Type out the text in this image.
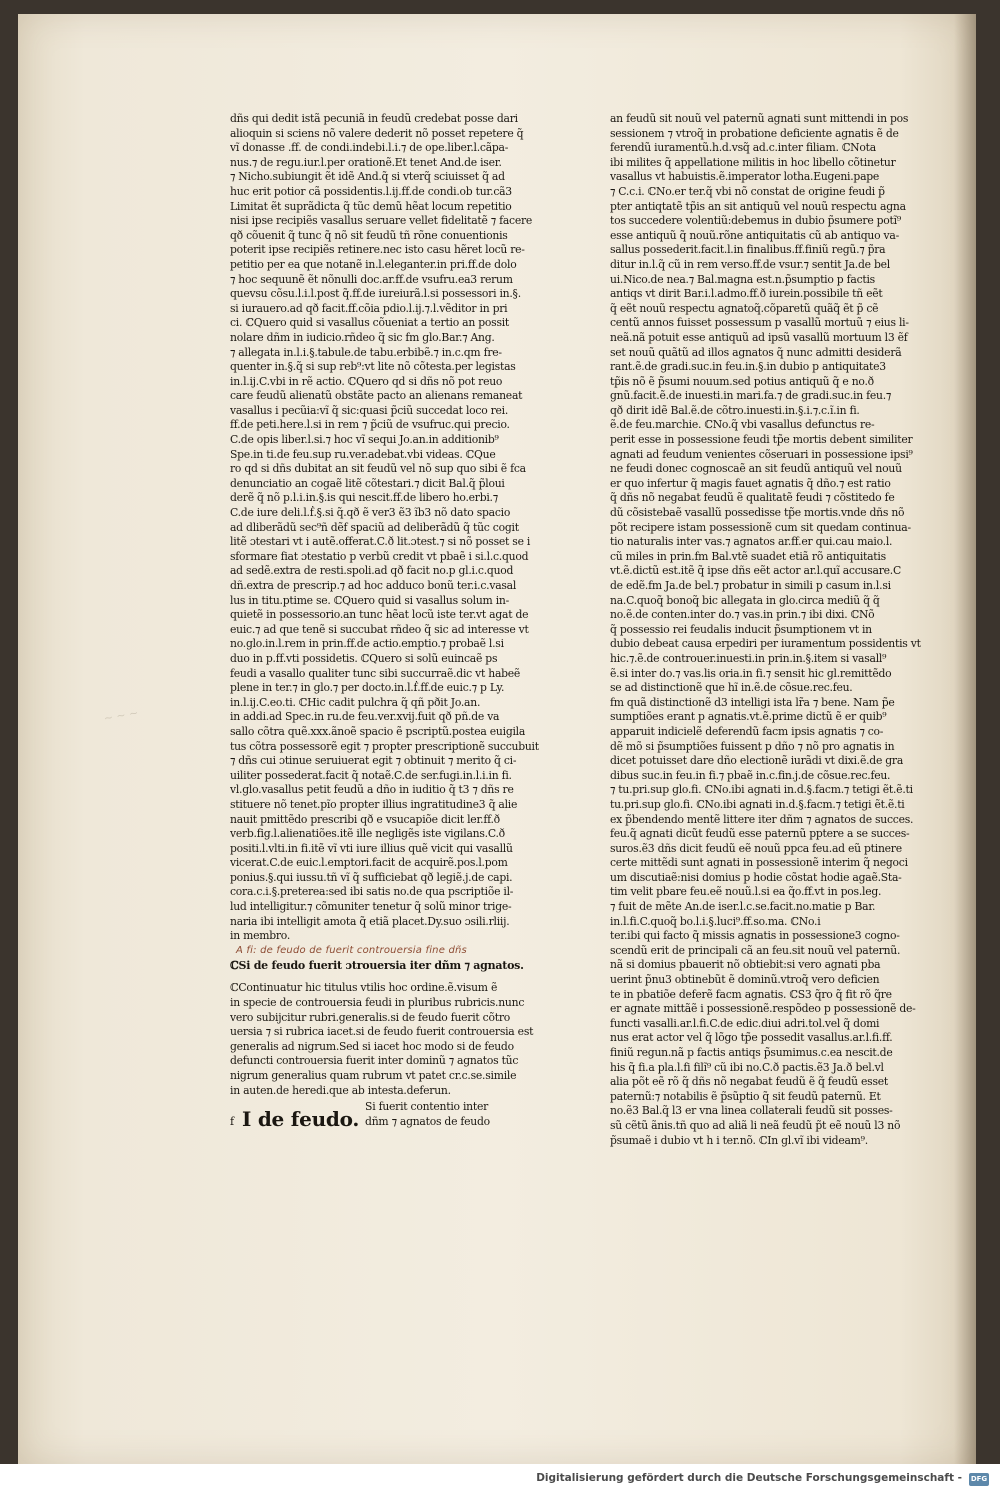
~ ~ ~
dñs qui dedit istã pecuniã in feudũ credebat posse dari
alioquin si sciens nõ valere dederit nõ posset repetere q̃
vĩ donasse .ff. de condi.indebi.l.i.⁊ de ope.liber.l.cãpa-
nus.⁊ de regu.iur.l.per orationẽ.Et tenet And.de iser.
⁊ Nicho.subiungit ẽt idẽ And.q̃ si vterq̃ sciuisset q̃ ad
huc erit potior cã possidentis.l.ij.ff.de condi.ob tur.cã3
Limitat ẽt suprãdicta q̃ tũc demũ hẽat locum repetitio
nisi ipse recipiẽs vasallus seruare vellet fidelitatẽ ⁊ facere
qð cõuenit q̃ tunc q̃ nõ sit feudũ tñ rõne conuentionis
poterit ipse recipiẽs retinere.nec isto casu hẽret locũ re-
petitio per ea que notanẽ in.l.eleganter.in pri.ff.de dolo
⁊ hoc sequunẽ ẽt nõnulli doc.ar.ff.de vsufru.ea3 rerum
quevsu cõsu.l.i.l.post q̃.ff.de iureiurã.l.si possessori in.§.
si iurauero.ad qð facit.ff.cõia pdio.l.ij.⁊.l.vẽditor in pri
ci. ℂQuero quid si vasallus cõueniat a tertio an possit
nolare dñm in iudicio.rñdeo q̃ sic fm glo.Bar.⁊ Ang.
⁊ allegata in.l.i.§.tabule.de tabu.erbibẽ.⁊ in.c.qm fre-
quenter in.§.q̃ si sup reb⁹:vt lite nõ cõtesta.per legistas
in.l.ij.C.vbi in rẽ actio. ℂQuero qd si dñs nõ pot reuo
care feudũ alienatũ obstãte pacto an alienans remaneat
vasallus i pecũia:vĩ q̃ sic:quasi p̃ciũ succedat loco rei.
ff.de peti.here.l.si in rem ⁊ p̃ciũ de vsufruc.qui precio.
C.de opis liber.l.si.⁊ hoc vĩ sequi Jo.an.in additionib⁹
Spe.in ti.de feu.sup ru.ver.adebat.vbi videas. ℂQue
ro qd si dñs dubitat an sit feudũ vel nõ sup quo sibi ẽ fca
denunciatio an cogaẽ litẽ cõtestari.⁊ dicit Bal.q̃ p̃loui
derẽ q̃ nõ p.l.i.in.§.is qui nescit.ff.de libero ho.erbi.⁊
C.de iure deli.l.ḟ.§.si q̃.qð ẽ ver3 ẽ3 ĩb3 nõ dato spacio
ad dliberãdũ sec⁹ñ dẽf spaciũ ad deliberãdũ q̃ tũc cogit
litẽ ɔtestari vt i autẽ.offerat.C.ð lit.ɔtest.⁊ si nõ posset se i
sformare fiat ɔtestatio p verbũ credit vt pbaẽ i si.l.c.quod
ad sedẽ.extra de resti.spoli.ad qð facit no.p gl.i.c.quod
dñ.extra de prescrip.⁊ ad hoc adduco bonũ ter.i.c.vasal
lus in titu.ptime se. ℂQuero quid si vasallus solum in-
quietẽ in possessorio.an tunc hẽat locũ iste ter.vt agat de
euic.⁊ ad que tenẽ si succubat rñdeo q̃ sic ad interesse vt
no.glo.in.l.rem in prin.ff.de actio.emptio.⁊ probaẽ l.si
duo in p.ff.vti possidetis. ℂQuero si solũ euincaẽ ps
feudi a vasallo qualiter tunc sibi succurraẽ.dic vt habeẽ
plene in ter.⁊ in glo.⁊ per docto.in.l.ḟ.ff.de euic.⁊ p Ly.
in.l.ij.C.eo.ti. ℂHic cadit pulchra q̃ qñ pðit Jo.an.
in addi.ad Spec.in ru.de feu.ver.xvij.fuit qð pñ.de va
sallo cõtra quẽ.xxx.ãnoẽ spacio ẽ pscriptũ.postea euigila
tus cõtra possessorẽ egit ⁊ propter prescriptionẽ succubuit
⁊ dñs cui ɔtinue seruiuerat egit ⁊ obtinuit ⁊ merito q̃ ci-
uiliter possederat.facit q̃ notaẽ.C.de ser.fugi.in.l.i.in fi.
vl.glo.vasallus petit feudũ a dño in iuditio q̃ t3 ⁊ dñs re
stituere nõ tenet.pĩo propter illius ingratitudine3 q̃ alie
nauit pmittẽdo prescribi qð e vsucapiõe dicit ler.ff.ð
verb.fig.l.alienatiões.itẽ ille negligẽs iste vigilans.C.ð
positi.l.vlti.in fi.itẽ vĩ vti iure illius quẽ vicit qui vasallũ
vicerat.C.de euic.l.emptori.facit de acquirẽ.pos.l.pom
ponius.§.qui iussu.tñ vĩ q̃ sufficiebat qð legiẽ.j.de capi.
cora.c.i.§.preterea:sed ibi satis no.de qua pscriptiõe il-
lud intelligitur.⁊ cõmuniter tenetur q̃ solũ minor trige-
naria ibi intelligit amota q̃ etiã placet.Dy.suo ɔsili.rliij.
in membro.
A fi: de feudo de fuerit controuersia fine dñs
ℂSi de feudo fuerit ɔtrouersia iter dñm ⁊ agnatos.
ℂContinuatur hic titulus vtilis hoc ordine.ẽ.visum ẽ
in specie de controuersia feudi in pluribus rubricis.nunc
vero subijcitur rubri.generalis.si de feudo fuerit cõtro
uersia ⁊ si rubrica iacet.si de feudo fuerit controuersia est
generalis ad nigrum.Sed si iacet hoc modo si de feudo
defuncti controuersia fuerit inter dominũ ⁊ agnatos tũc
nigrum generalius quam rubrum vt patet cr.c.se.simile
in auten.de heredi.que ab intesta.deferun.
f I de feudo.
Si fuerit contentio inter
dñm ⁊ agnatos de feudo
an feudũ sit nouũ vel paternũ agnati sunt mittendi in pos
sessionem ⁊ vtroq̃ in probatione deficiente agnatis ẽ de
ferendũ iuramentũ.h.d.vsq̃ ad.c.inter filiam. ℂNota
ibi milites q̃ appellatione militis in hoc libello cõtinetur
vasallus vt habuistis.ẽ.imperator lotha.Eugeni.pape
⁊ C.c.i. ℂNo.er ter.q̃ vbi nõ constat de origine feudi p̃
pter antiqtatẽ tp̃is an sit antiquũ vel nouũ respectu agna
tos succedere volentiũ:debemus in dubio p̃sumere potĩ⁹
esse antiquũ q̃ nouũ.rõne antiquitatis cũ ab antiquo va-
sallus possederit.facit.l.in finalibus.ff.finiũ regũ.⁊ p̃ra
ditur in.l.q̃ cũ in rem verso.ff.de vsur.⁊ sentit Ja.de bel
ui.Nico.de nea.⁊ Bal.magna est.n.p̃sumptio p factis
antiqs vt dirit Bar.i.l.admo.ff.ð iurein.possibile tñ eẽt
q̃ eẽt nouũ respectu agnatoq̃.cõparetũ quãq̃ ẽt p̃ cẽ
centũ annos fuisset possessum p vasallũ mortuũ ⁊ eius li-
neã.nã potuit esse antiquũ ad ipsũ vasallũ mortuum l3 ẽf
set nouũ quãtũ ad illos agnatos q̃ nunc admitti desiderã
rant.ẽ.de gradi.suc.in feu.in.§.in dubio p antiquitate3
tp̃is nõ ẽ p̃sumi nouum.sed potius antiquũ q̃ e no.ð
gnũ.facit.ẽ.de inuesti.in mari.fa.⁊ de gradi.suc.in feu.⁊
qð dirit idẽ Bal.ẽ.de cõtro.inuesti.in.§.i.⁊.c.ĩ.in fi.
ẽ.de feu.marchie. ℂNo.q̃ vbi vasallus defunctus re-
perit esse in possessione feudi tp̃e mortis debent similiter
agnati ad feudum venientes cõseruari in possessione ipsi⁹
ne feudi donec cognoscaẽ an sit feudũ antiquũ vel nouũ
er quo infertur q̃ magis fauet agnatis q̃ dño.⁊ est ratio
q̃ dñs nõ negabat feudũ ẽ qualitatẽ feudi ⁊ cõstitedo fe
dũ cõsistebaẽ vasallũ possedisse tp̃e mortis.vnde dñs nõ
põt recipere istam possessionẽ cum sit quedam continua-
tio naturalis inter vas.⁊ agnatos ar.ff.er qui.cau maio.l.
cũ miles in prin.fm Bal.vtẽ suadet etiã rõ antiquitatis
vt.ẽ.dictũ est.itẽ q̃ ipse dñs eẽt actor ar.l.quĩ accusare.C
de edẽ.fm Ja.de bel.⁊ probatur in simili p casum in.l.si
na.C.quoq̃ bonoq̃ bic allegata in glo.circa mediũ q̃ q̃
no.ẽ.de conten.inter do.⁊ vas.in prin.⁊ ibi dixi. ℂNõ
q̃ possessio rei feudalis inducit p̃sumptionem vt in
dubio debeat causa erpediri per iuramentum possidentis vt
hic.⁊.ẽ.de controuer.inuesti.in prin.in.§.item si vasall⁹
ẽ.si inter do.⁊ vas.lis oria.in fi.⁊ sensit hic gl.remittẽdo
se ad distinctionẽ que hĩ in.ẽ.de cõsue.rec.feu.
fm quã distinctionẽ d3 intelligi ista lr̃a ⁊ bene. Nam p̃e
sumptiões erant p agnatis.vt.ẽ.prime dictũ ẽ er quib⁹
apparuit indicielẽ deferendũ facm ipsis agnatis ⁊ co-
dẽ mõ si p̃sumptiões fuissent p dño ⁊ nõ pro agnatis in
dicet potuisset dare dño electionẽ iurãdi vt dixi.ẽ.de gra
dibus suc.in feu.in fi.⁊ pbaẽ in.c.fin.j.de cõsue.rec.feu.
⁊ tu.pri.sup glo.fi. ℂNo.ibi agnati in.d.§.facm.⁊ tetigi ẽt.ẽ.ti
tu.pri.sup glo.fi. ℂNo.ibi agnati in.d.§.facm.⁊ tetigi ẽt.ẽ.ti
ex p̃bendendo mentẽ littere iter dñm ⁊ agnatos de succes.
feu.q̃ agnati dicũt feudũ esse paternũ pptere a se succes-
suros.ẽ3 dñs dicit feudũ eẽ nouũ ppca feu.ad eũ ptinere
certe mittẽdi sunt agnati in possessionẽ interim q̃ negoci
um discutiaẽ:nisi domius p hodie cõstat hodie agaẽ.Sta-
tim velit pbare feu.eẽ nouũ.l.si ea q̃o.ff.vt in pos.leg.
⁊ fuit de mẽte An.de iser.l.c.se.facit.no.matie p Bar.
in.l.fi.C.quoq̃ bo.l.i.§.luci⁹.ff.so.ma. ℂNo.i
ter.ibi qui facto q̃ missis agnatis in possessione3 cogno-
scendũ erit de principali cã an feu.sit nouũ vel paternũ.
nã si domius pbauerit nõ obtiebit:si vero agnati pba
uerint p̃nu3 obtinebũt ẽ dominũ.vtroq̃ vero deficien
te in pbatiõe deferẽ facm agnatis. ℂS3 q̃ro q̃ fit rõ q̃re
er agnate mittãẽ i possessionẽ.respõdeo p possessionẽ de-
functi vasalli.ar.l.fi.C.de edic.diui adri.tol.vel q̃ domi
nus erat actor vel q̃ lõgo tp̃e possedit vasallus.ar.l.fi.ff.
finiũ regun.nã p factis antiqs p̃sumimus.c.ea nescit.de
his q̃ fi.a pla.l.fi filĩ⁹ cũ ibi no.C.ð pactis.ẽ3 Ja.ð bel.vl
alia põt eẽ rõ q̃ dñs nõ negabat feudũ ẽ q̃ feudũ esset
paternũ:⁊ notabilis ẽ p̃sũptio q̃ sit feudũ paternũ. Et
no.ẽ3 Bal.q̃ l3 er vna linea collaterali feudũ sit posses-
sũ cẽtũ ãnis.tñ quo ad aliã li neã feudũ p̃t eẽ nouũ l3 nõ
p̃sumaẽ i dubio vt h i ter.nõ. ℂIn gl.vĩ ibi videam⁹.
Digitalisierung gefördert durch die Deutsche Forschungsgemeinschaft - DFG
